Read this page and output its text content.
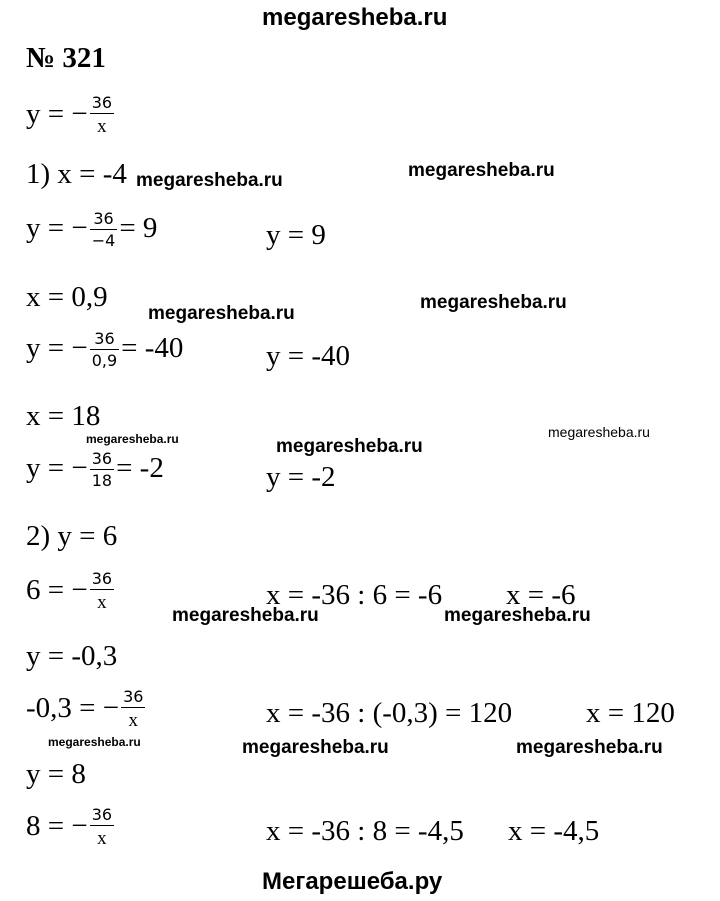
megaresheba.ru
№ 321
y = − $\frac{36}{x}$
1) x = -4 megaresheba.ru	megaresheba.ru
y = − $\frac{36}{-4} = 9$	y = 9
x = 0,9
megaresheba.ru
megaresheba.ru
y = − $\frac{36}{0,9} = -40$	y = -40
x = 18
megaresheba.ru	megaresheba.ru
megaresheba.ru
y = − $\frac{36}{18} = -2$	y = -2
2) y = 6
6 = − $\frac{36}{x}$	x = -36 : 6 = -6 x = -6
megaresheba.ru	megaresheba.ru
y = -0,3
-0,3 = − $\frac{36}{x}$	x = -36 : (-0,3) = 120	x = 120
megaresheba.ru	megaresheba.ru	megaresheba.ru
y = 8
8 = − $\frac{36}{x}$	x = -36 : 8 = -4,5 x = -4,5
Мегарешеба.ру
